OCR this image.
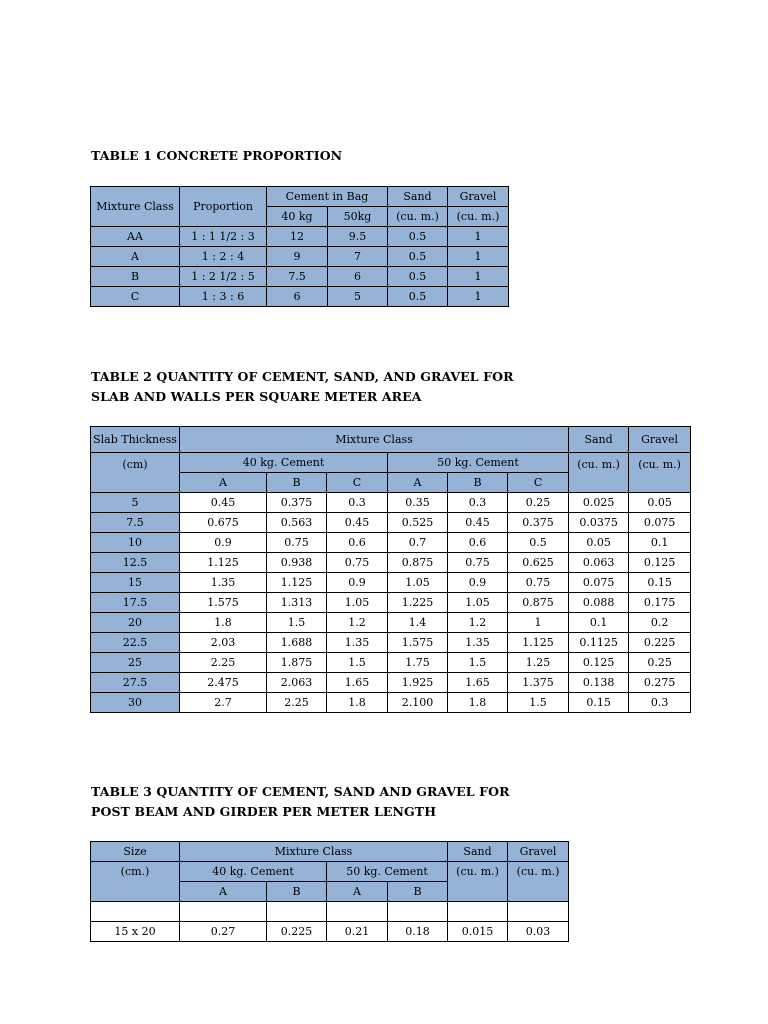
TABLE 1 CONCRETE PROPORTION
Mixture Class	Proportion	Cement in Bag		Sand	Gravel
		40 kg	50kg	(cu. m.)	(cu. m.)
AA	1 : 1 1/2 : 3	12	9.5	0.5	1
A	1 : 2 : 4	9	7	0.5	1
B	1 : 2 1/2 : 5	7.5	6	0.5	1
C	1 : 3 : 6	6	5	0.5	1
TABLE 2 QUANTITY OF CEMENT, SAND, AND GRAVEL FOR
SLAB AND WALLS PER SQUARE METER AREA
Slab Thickness	Mixture Class						Sand	Gravel
(cm)	40 kg. Cement			50 kg. Cement			(cu. m.)	(cu. m.)
	A	B	C	A	B	C		
5	0.45	0.375	0.3	0.35	0.3	0.25	0.025	0.05
7.5	0.675	0.563	0.45	0.525	0.45	0.375	0.0375	0.075
10	0.9	0.75	0.6	0.7	0.6	0.5	0.05	0.1
12.5	1.125	0.938	0.75	0.875	0.75	0.625	0.063	0.125
15	1.35	1.125	0.9	1.05	0.9	0.75	0.075	0.15
17.5	1.575	1.313	1.05	1.225	1.05	0.875	0.088	0.175
20	1.8	1.5	1.2	1.4	1.2	1	0.1	0.2
22.5	2.03	1.688	1.35	1.575	1.35	1.125	0.1125	0.225
25	2.25	1.875	1.5	1.75	1.5	1.25	0.125	0.25
27.5	2.475	2.063	1.65	1.925	1.65	1.375	0.138	0.275
30	2.7	2.25	1.8	2.100	1.8	1.5	0.15	0.3
TABLE 3 QUANTITY OF CEMENT, SAND AND GRAVEL FOR
POST BEAM AND GIRDER PER METER LENGTH
Size	Mixture Class				Sand	Gravel
(cm.)	40 kg. Cement		50 kg. Cement		(cu. m.)	(cu. m.)
	A	B	A	B		

15 x 20	0.27	0.225	0.21	0.18	0.015	0.03
